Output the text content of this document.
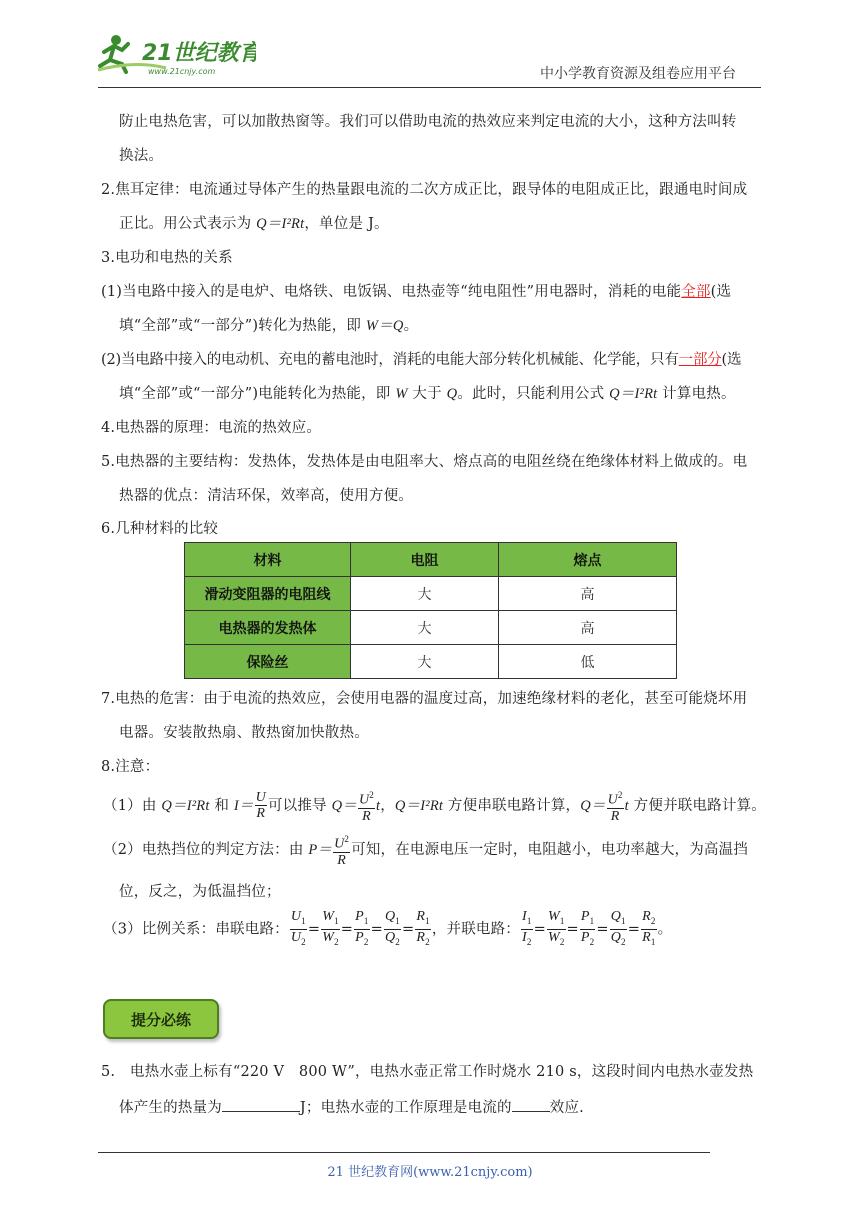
21世纪教育
www.21cnjy.com	中小学教育资源及组卷应用平台
防止电热危害，可以加散热窗等。我们可以借助电流的热效应来判定电流的大小，这种方法叫转
换法。
2.焦耳定律：电流通过导体产生的热量跟电流的二次方成正比，跟导体的电阻成正比，跟通电时间成
正比。用公式表示为 Q＝I²Rt，单位是 J。
3.电功和电热的关系
(1)当电路中接入的是电炉、电烙铁、电饭锅、电热壶等“纯电阻性”用电器时，消耗的电能全部(选
填“全部”或“一部分”)转化为热能，即 W＝Q。
(2)当电路中接入的电动机、充电的蓄电池时，消耗的电能大部分转化机械能、化学能，只有一部分(选
填“全部”或“一部分”)电能转化为热能，即 W 大于 Q。此时，只能利用公式 Q＝I²Rt 计算电热。
4.电热器的原理：电流的热效应。
5.电热器的主要结构：发热体，发热体是由电阻率大、熔点高的电阻丝绕在绝缘体材料上做成的。电
热器的优点：清洁环保，效率高，使用方便。
6.几种材料的比较
材料	电阻	熔点
滑动变阻器的电阻线	大	高
电热器的发热体	大	高
保险丝	大	低
7.电热的危害：由于电流的热效应，会使用电器的温度过高，加速绝缘材料的老化，甚至可能烧坏用
电器。安装散热扇、散热窗加快散热。
8.注意：
（1）由 Q＝I²Rt 和 $I= \frac{U}{R}$ 可以推导 $Q= \frac{U^2}{R}$ t，Q＝I²Rt 方便串联电路计算，$Q= \frac{U^2}{R}$ t 方便并联电路计算。
（2）电热挡位的判定方法：由 $P= \frac{U^2}{R}$ 可知，在电源电压一定时，电阻越小，电功率越大，为高温挡
位，反之，为低温挡位；
（3）比例关系：串联电路： $\frac{U_1}{U_2} = \frac{W_1}{W_2} = \frac{P_1}{P_2} = \frac{Q_1}{Q_2} = \frac{R_1}{R_2}$ ，并联电路： $\frac{I_1}{I_2} = \frac{W_1}{W_2} = \frac{P_1}{P_2} = \frac{Q_1}{Q_2} = \frac{R_2}{R_1}$ 。
提分必练
5.　电热水壶上标有“220 V　800 W”，电热水壶正常工作时烧水 210 s，这段时间内电热水壶发热
体产生的热量为	J；电热水壶的工作原理是电流的	效应.
21 世纪教育网(www.21cnjy.com)
